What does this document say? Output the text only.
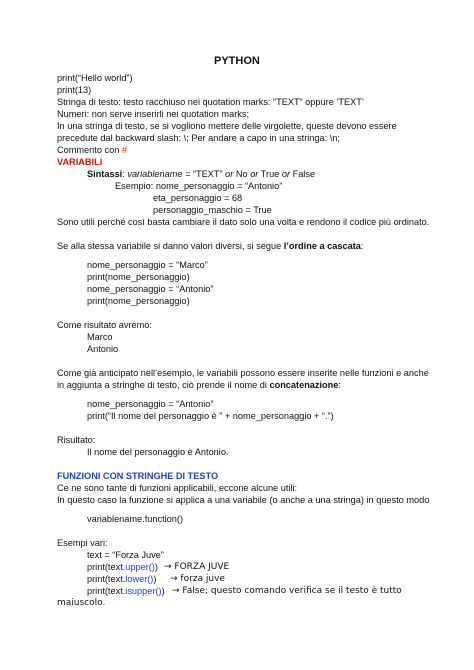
PYTHON
print(“Hello world”)
print(13)
Stringa di testo: testo racchiuso nei quotation marks: “TEXT” oppure ‘TEXT’
Numeri: non serve inserirli nei quotation marks;
In una stringa di testo, se si vogliono mettere delle virgolette, queste devono essere
precedute dal backward slash: \; Per andare a capo in una stringa: \n;
Commento con #
VARIABILI
Sintassi: variablename = “TEXT” or No or True or False
Esempio: nome_personaggio = “Antonio”
eta_personaggio = 68
personaggio_maschio = True
Sono utili perché così basta cambiare il dato solo una volta e rendono il codice più ordinato.
Se alla stessa variabile si danno valori diversi, si segue l’ordine a cascata:
nome_personaggio = “Marco”
print(nome_personaggio)
nome_personaggio = “Antonio”
print(nome_personaggio)
Come risultato avremo:
Marco
Antonio
Come già anticipato nell’esempio, le variabili possono essere inserite nelle funzioni e anche
in aggiunta a stringhe di testo, ciò prende il nome di concatenazione:
nome_personaggio = “Antonio”
print(“Il nome del personaggio è ” + nome_personaggio + “.”)
Risultato:
Il nome del personaggio è Antonio.
FUNZIONI CON STRINGHE DI TESTO
Ce ne sono tante di funzioni applicabili, eccone alcune utili:
In questo caso la funzione si applica a una variabile (o anche a una stringa) in questo modo
variablename.function()
Esempi vari:
text = “Forza Juve”
print(text.upper()) → FORZA JUVE
print(text.lower()) → forza juve
print(text.isupper()) → False; questo comando verifica se il testo è tutto
maiuscolo.
